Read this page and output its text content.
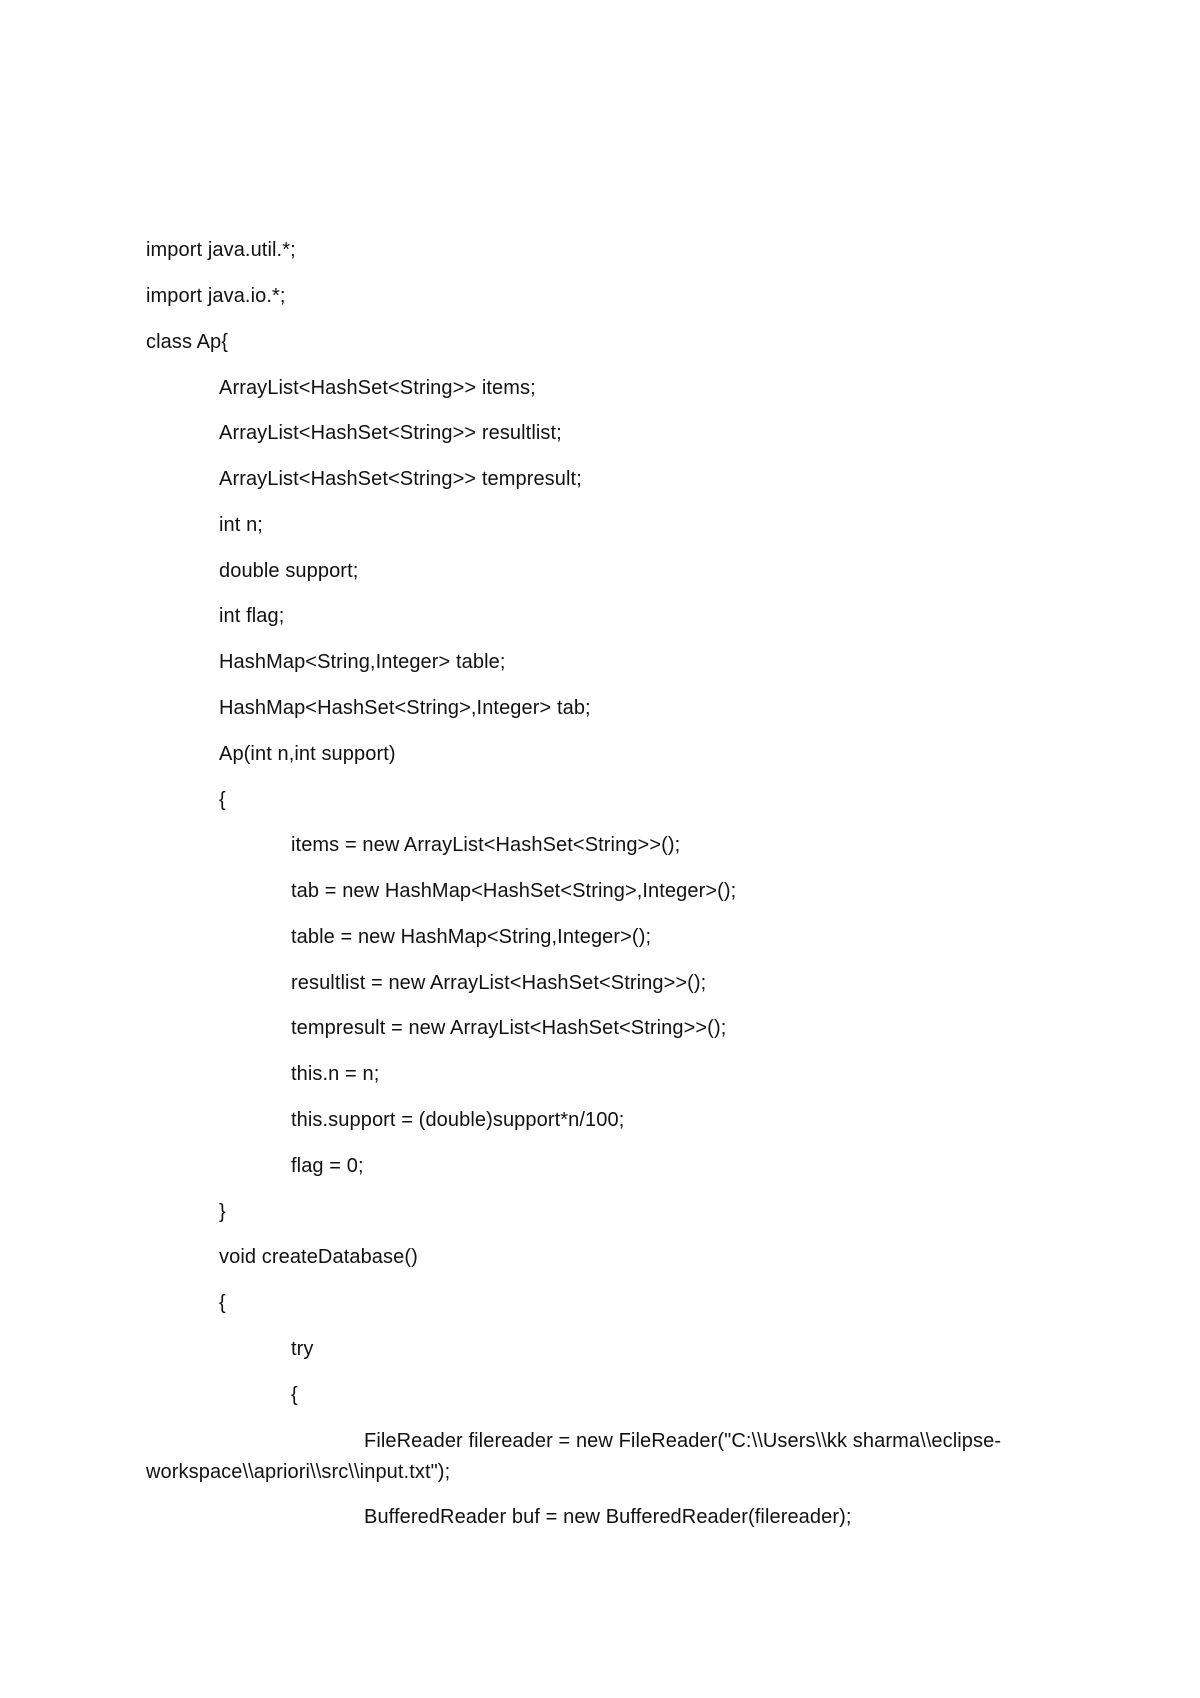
import java.util.*;
import java.io.*;
class Ap{
ArrayList<HashSet<String>> items;
ArrayList<HashSet<String>> resultlist;
ArrayList<HashSet<String>> tempresult;
int n;
double support;
int flag;
HashMap<String,Integer> table;
HashMap<HashSet<String>,Integer> tab;
Ap(int n,int support)
{
items = new ArrayList<HashSet<String>>();
tab = new HashMap<HashSet<String>,Integer>();
table = new HashMap<String,Integer>();
resultlist = new ArrayList<HashSet<String>>();
tempresult = new ArrayList<HashSet<String>>();
this.n = n;
this.support = (double)support*n/100;
flag = 0;
}
void createDatabase()
{
try
{
FileReader filereader = new FileReader("C:\\Users\\kk sharma\\eclipse-
workspace\\apriori\\src\\input.txt");
BufferedReader buf = new BufferedReader(filereader);
